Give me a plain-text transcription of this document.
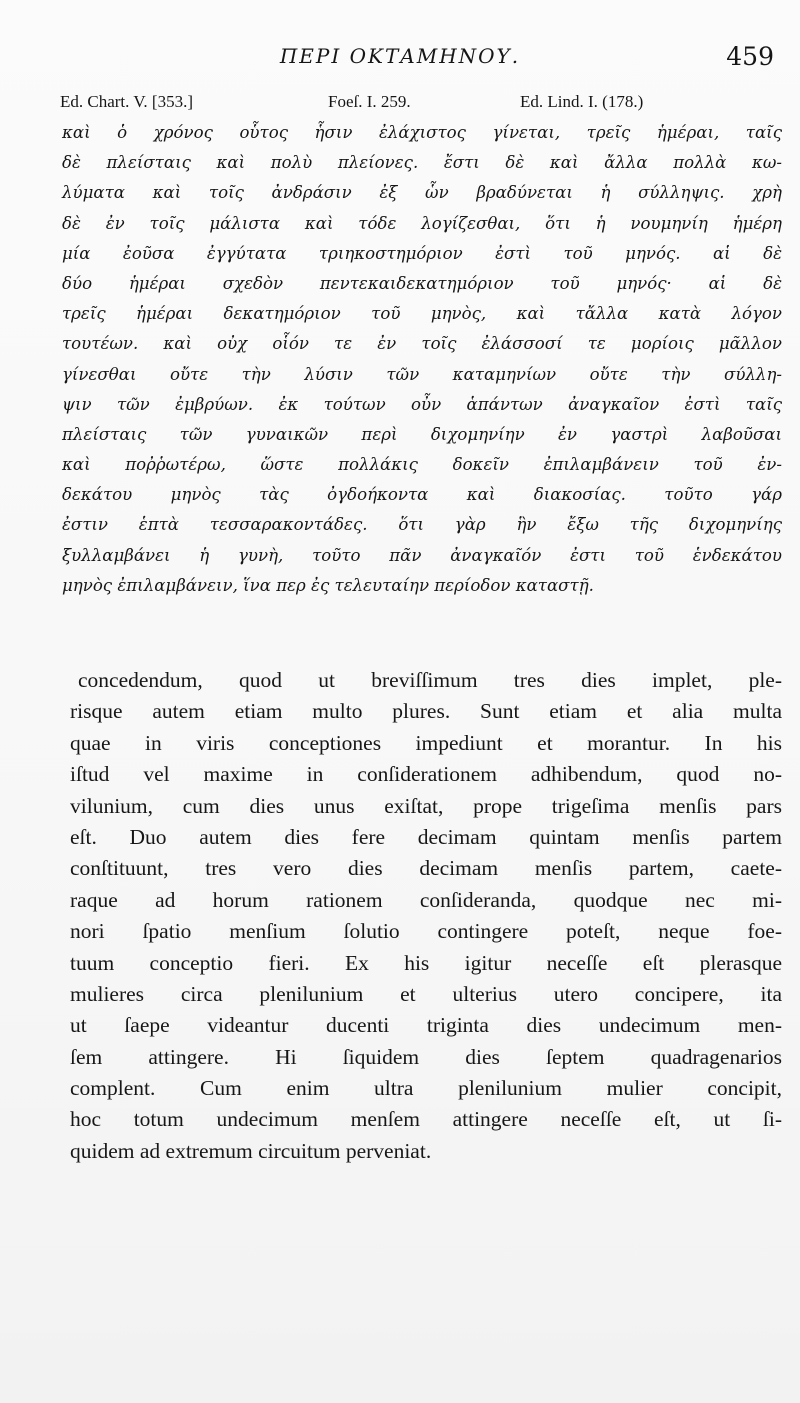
ΠΕΡΙ ΟΚΤΑΜΗΝΟΥ.	459
Ed. Chart. V. [353.]	Foeſ. I. 259.	Ed. Lind. I. (178.)
καὶ ὁ χρόνος οὗτος ἧσιν ἐλάχιστος γίνεται, τρεῖς ἡμέραι, ταῖς
δὲ πλείσταις καὶ πολὺ πλείονες. ἔστι δὲ καὶ ἄλλα πολλὰ κω-
λύματα καὶ τοῖς ἀνδράσιν ἐξ ὧν βραδύνεται ἡ σύλληψις. χρὴ
δὲ ἐν τοῖς μάλιστα καὶ τόδε λογίζεσθαι, ὅτι ἡ νουμηνίη ἡμέρη
μία ἐοῦσα ἐγγύτατα τριηκοστημόριον ἐστὶ τοῦ μηνός. αἱ δὲ
δύο ἡμέραι σχεδὸν πεντεκαιδεκατημόριον τοῦ μηνός· αἱ δὲ
τρεῖς ἡμέραι δεκατημόριον τοῦ μηνὸς, καὶ τἄλλα κατὰ λόγον
τουτέων. καὶ οὐχ οἷόν τε ἐν τοῖς ἐλάσσοσί τε μορίοις μᾶλλον
γίνεσθαι οὔτε τὴν λύσιν τῶν καταμηνίων οὔτε τὴν σύλλη-
ψιν τῶν ἐμβρύων. ἐκ τούτων οὖν ἁπάντων ἀναγκαῖον ἐστὶ ταῖς
πλείσταις τῶν γυναικῶν περὶ διχομηνίην ἐν γαστρὶ λαβοῦσαι
καὶ ποῤῥωτέρω, ὥστε πολλάκις δοκεῖν ἐπιλαμβάνειν τοῦ ἐν-
δεκάτου μηνὸς τὰς ὀγδοήκοντα καὶ διακοσίας. τοῦτο γάρ
ἐστιν ἑπτὰ τεσσαρακοντάδες. ὅτι γὰρ ἣν ἔξω τῆς διχομηνίης
ξυλλαμβάνει ἡ γυνὴ, τοῦτο πᾶν ἀναγκαῖόν ἐστι τοῦ ἑνδεκάτου
μηνὸς ἐπιλαμβάνειν, ἵνα περ ἐς τελευταίην περίοδον καταστῇ.
concedendum, quod ut breviſſimum tres dies implet, ple-
risque autem etiam multo plures. Sunt etiam et alia multa
quae in viris conceptiones impediunt et morantur. In his
iſtud vel maxime in conſiderationem adhibendum, quod no-
vilunium, cum dies unus exiſtat, prope trigeſima menſis pars
eſt. Duo autem dies fere decimam quintam menſis partem
conſtituunt, tres vero dies decimam menſis partem, caete-
raque ad horum rationem conſideranda, quodque nec mi-
nori ſpatio menſium ſolutio contingere poteſt, neque foe-
tuum conceptio fieri. Ex his igitur neceſſe eſt plerasque
mulieres circa plenilunium et ulterius utero concipere, ita
ut ſaepe videantur ducenti triginta dies undecimum men-
ſem attingere. Hi ſiquidem dies ſeptem quadragenarios
complent. Cum enim ultra plenilunium mulier concipit,
hoc totum undecimum menſem attingere neceſſe eſt, ut ſi-
quidem ad extremum circuitum perveniat.
